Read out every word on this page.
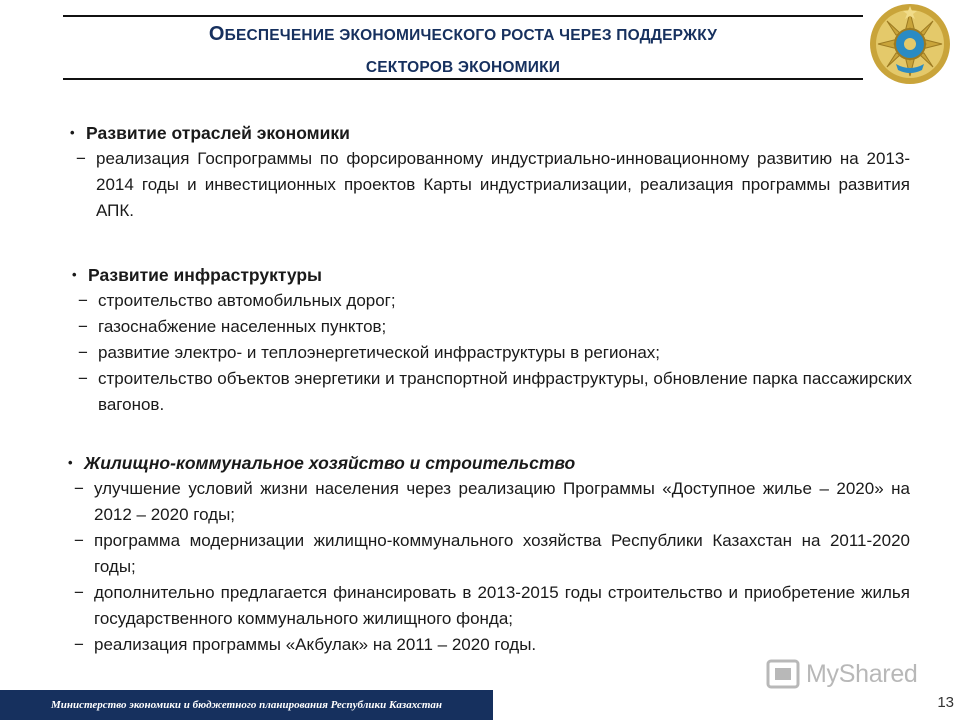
ОБЕСПЕЧЕНИЕ ЭКОНОМИЧЕСКОГО РОСТА ЧЕРЕЗ ПОДДЕРЖКУ
СЕКТОРОВ ЭКОНОМИКИ
• Развитие отраслей экономики
− реализация Госпрограммы по форсированному индустриально-инновационному развитию на 2013-2014 годы и инвестиционных проектов Карты индустриализации, реализация программы развития АПК.
• Развитие инфраструктуры
− строительство автомобильных дорог;
− газоснабжение населенных пунктов;
− развитие электро- и теплоэнергетической инфраструктуры в регионах;
− строительство объектов энергетики и транспортной инфраструктуры, обновление парка пассажирских вагонов.
• Жилищно-коммунальное хозяйство и строительство
− улучшение условий жизни населения через реализацию Программы «Доступное жилье – 2020» на 2012 – 2020 годы;
− программа модернизации жилищно-коммунального хозяйства Республики Казахстан на 2011-2020 годы;
− дополнительно предлагается финансировать в 2013-2015 годы строительство и приобретение жилья государственного коммунального жилищного фонда;
− реализация программы «Акбулак» на 2011 – 2020 годы.
MyShared
Министерство экономики и бюджетного планирования Республики Казахстан	13
